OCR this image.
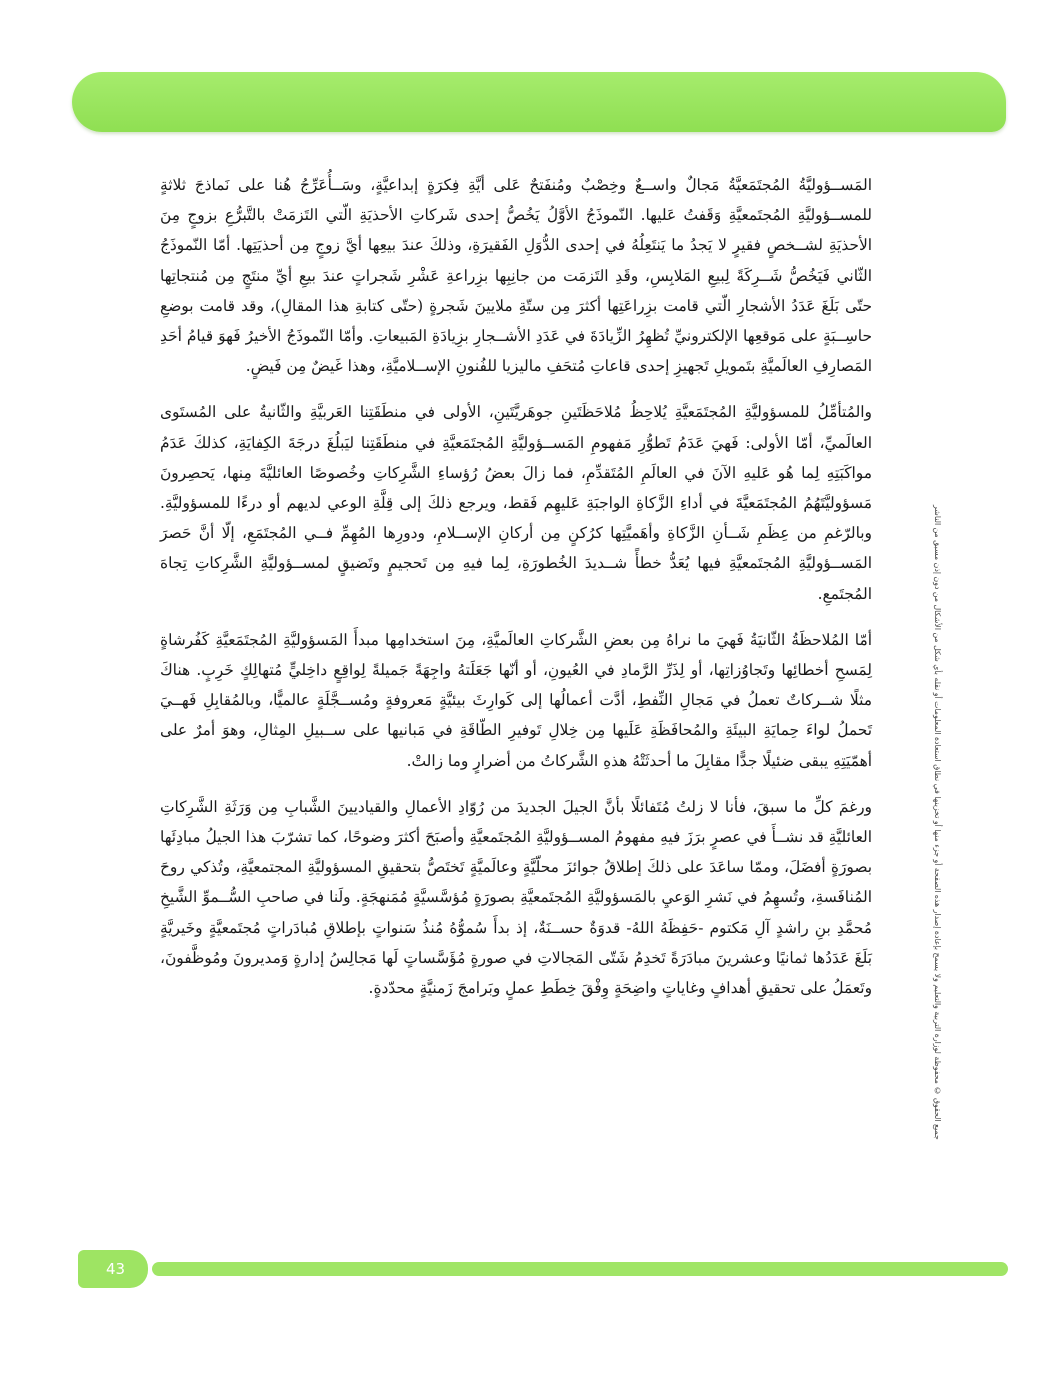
جميع الحقوق © محفوظة لوزارة التربية والتعليم ولا يسمح بإعادة إصدار هذه الصفحة أو جزء منها أو تخزينها في نطاق استعادة المعلومات أو نقله بأي شكل من الأشكال من دون إذن مسبق من الناشر

المَســؤوليَّةُ المُجتَمَعيَّةُ مَجالٌ واســعٌ وخِصْبٌ ومُنفَتحٌ عَلى أيَّةِ فِكرَةٍ إبداعيَّةٍ، وسَــأُعَرِّجُ هُنا على نَماذجَ ثلاثةٍ للمســؤوليَّةِ المُجتَمعيَّةِ وَقَفتُ عَليها. النّموذَجُ الأوَّلُ يَخُصُّ إحدى شَركاتِ الأحذيَةِ الّتي التَزمَتْ بالتَّبرُّعِ بزوجٍ مِنَ الأحذيَةِ لشــخصٍ فقيرٍ لا يَجدُ ما يَنتَعِلُهُ في إحدى الدُّوَلِ الفَقيرَةِ، وذلكَ عندَ بيعِها أيَّ زوجٍ مِن أحذيَتِها. أمّا النّموذَجُ الثّاني فَيَخُصُّ شَــرِكَةً لِبيعِ المَلابِسِ، وقَدِ التَزمَت من جانِبِها بزِراعةِ عَشْرِ شَجراتٍ عندَ بيعِ أيِّ منتَجٍ مِن مُنتجاتِها حتّى بَلَغَ عَدَدُ الأشجارِ الّتي قامت بزِراعَتِها أكثرَ مِن ستّةِ ملايينَ شَجرةٍ (حتّى كتابةِ هذا المقالِ)، وقد قامت بوضعِ حاسِــبَةٍ على مَوقعِها الإلكترونيِّ تُظهِرُ الزِّيادَةَ في عَدَدِ الأشــجارِ بزِيادَةِ المَبيعاتِ. وأمّا النّموذَجُ الأخيرُ فَهوَ قيامُ أحَدِ المَصارِفِ العالَميَّةِ بتَمويلِ تَجهيزِ إحدى قاعاتِ مُتحَفِ ماليزيا للفُنونِ الإســلاميَّةِ، وهذا غَيضٌ مِن فَيضٍ.

والمُتأمِّلُ للمسؤوليَّةِ المُجتَمَعيَّةِ يُلاحِظُ مُلاحَظَتَينِ جوهَريَّتَينِ، الأولى في منطَقَتِنا العَربيَّةِ والثّانيةُ على المُستَوى العالَميِّ، أمّا الأولى: فَهيَ عَدَمُ تَطوُّرِ مَفهومِ المَســؤوليَّةِ المُجتَمَعيَّةِ في منطَقَتِنا ليَبلُغَ درجَةَ الكِفايَةِ، كذلكَ عَدَمُ مواكَبَتِهِ لِما هُو عَليهِ الآنَ في العالَمِ المُتَقدِّمِ، فما زالَ بعضُ رُؤساءِ الشَّرِكاتِ وخُصوصًا العائليَّةَ مِنها، يَحصِرونَ مَسؤوليَّتَهُمُ المُجتَمَعيَّةَ في أداءِ الزَّكاةِ الواجبَةِ عَليهِم فَقط، ويرجع ذلكَ إلى قِلَّةِ الوعي لديهم أو درءًا للمسؤوليَّةِ. وبالرّغمِ من عِظَمِ شَــأنِ الزَّكاةِ وأهَميَّتِها كرُكنٍ مِن أركانِ الإســلامِ، ودورِها المُهِمِّ فــي المُجتَمَعِ، إلّا أنَّ حَصرَ المَســؤوليَّةِ المُجتَمعيَّةِ فيها يُعَدُّ خطأً شــديدَ الخُطورَةِ، لِما فيهِ مِن تَحجيمٍ وتَضيقٍ لمســؤوليَّةِ الشَّرِكاتِ تِجاهَ المُجتَمعِ.

أمّا المُلاحظَةُ الثّانيَةُ فَهيَ ما نراهُ مِن بعضِ الشَّركاتِ العالَميَّةِ، مِنَ استخدامِها مبدأَ المَسؤوليَّةِ المُجتَمَعيَّةِ كَفُرشاةٍ لِمَسحِ أخطائِها وتَجاوُزاتِها، أو لِذَرِّ الرَّمادِ في العُيونِ، أو أنّها جَعَلَتهُ واجِهَةً جَميلةً لِواقِعٍ داخِليٍّ مُتهالِكٍ خَرِبٍ. هناكَ مثلًا شــركاتٌ تعملُ في مَجالِ النِّفطِ، أدَّت أعمالُها إلى كَوارِثَ بيئيَّةٍ مَعروفةٍ ومُســجَّلَةٍ عالميًّا، وبالمُقابِلِ فَهــيَ تَحملُ لواءَ حِمايَةِ البيئَةِ والمُحافَظَةِ عَلَيها مِن خِلالِ تَوفيرِ الطّاقَةِ في مَبانيها على ســبيلِ المِثالِ، وهوَ أمرٌ على أهمّيَتِهِ يبقى ضئيلًا جدًّا مقابِلَ ما أحدثَتْهُ هذهِ الشَّركاتُ من أضرارٍ وما زالتْ.

ورغمَ كلِّ ما سبقَ، فأنا لا زلتُ مُتَفائلًا بأنَّ الجيلَ الجديدَ من رُوّادِ الأعمالِ والقياديينَ الشَّبابِ مِن وَرَثَةِ الشَّرِكاتِ العائليَّةِ قد نشــأَ في عصرٍ برَزَ فيهِ مفهومُ المســؤوليَّةِ المُجتَمعيَّةِ وأصبَحَ أكثرَ وضوحًا، كما تشرّبَ هذا الجيلُ مبادِئَها بصورَةٍ أفضَلَ، وممّا ساعَدَ على ذلكَ إطلاقُ جوائزَ محلّيَّةٍ وعالَميَّةٍ تَختَصُّ بتحقيقِ المسؤوليَّةِ المجتمعيَّةِ، وتُذكي روحَ المُنافَسةِ، وتُسهِمُ في نَشرِ الوَعيِ بالمَسؤوليَّةِ المُجتَمعيَّةِ بصورَةٍ مُؤسَّسيَّةٍ مُمَنهجَةٍ. ولَنا في صاحبِ السُّــموِّ الشَّيخِ مُحمَّدِ بنِ راشدٍ آلِ مَكتوم -حَفِظَهُ اللهُ- قدوَةٌ حســنَةٌ، إذ بدأَ سُموُّهُ مُنذُ سَنواتٍ بإطلاقِ مُبادَراتٍ مُجتَمعيَّةٍ وخَيريَّةٍ بَلَغَ عَدَدُها ثمانيًا وعشرينَ مبادَرَةً تَخدِمُ شَتّى المَجالاتِ في صورةٍ مُؤَسَّساتٍ لَها مَجالِسُ إدارةٍ وَمديرونَ ومُوظَّفونَ، وتَعمَلُ على تحقيقِ أهدافٍ وغاياتٍ واضِحَةٍ وِفْقَ خِطَطِ عملٍ وبَرامجَ زَمنيَّةٍ محدّدةٍ.

43
